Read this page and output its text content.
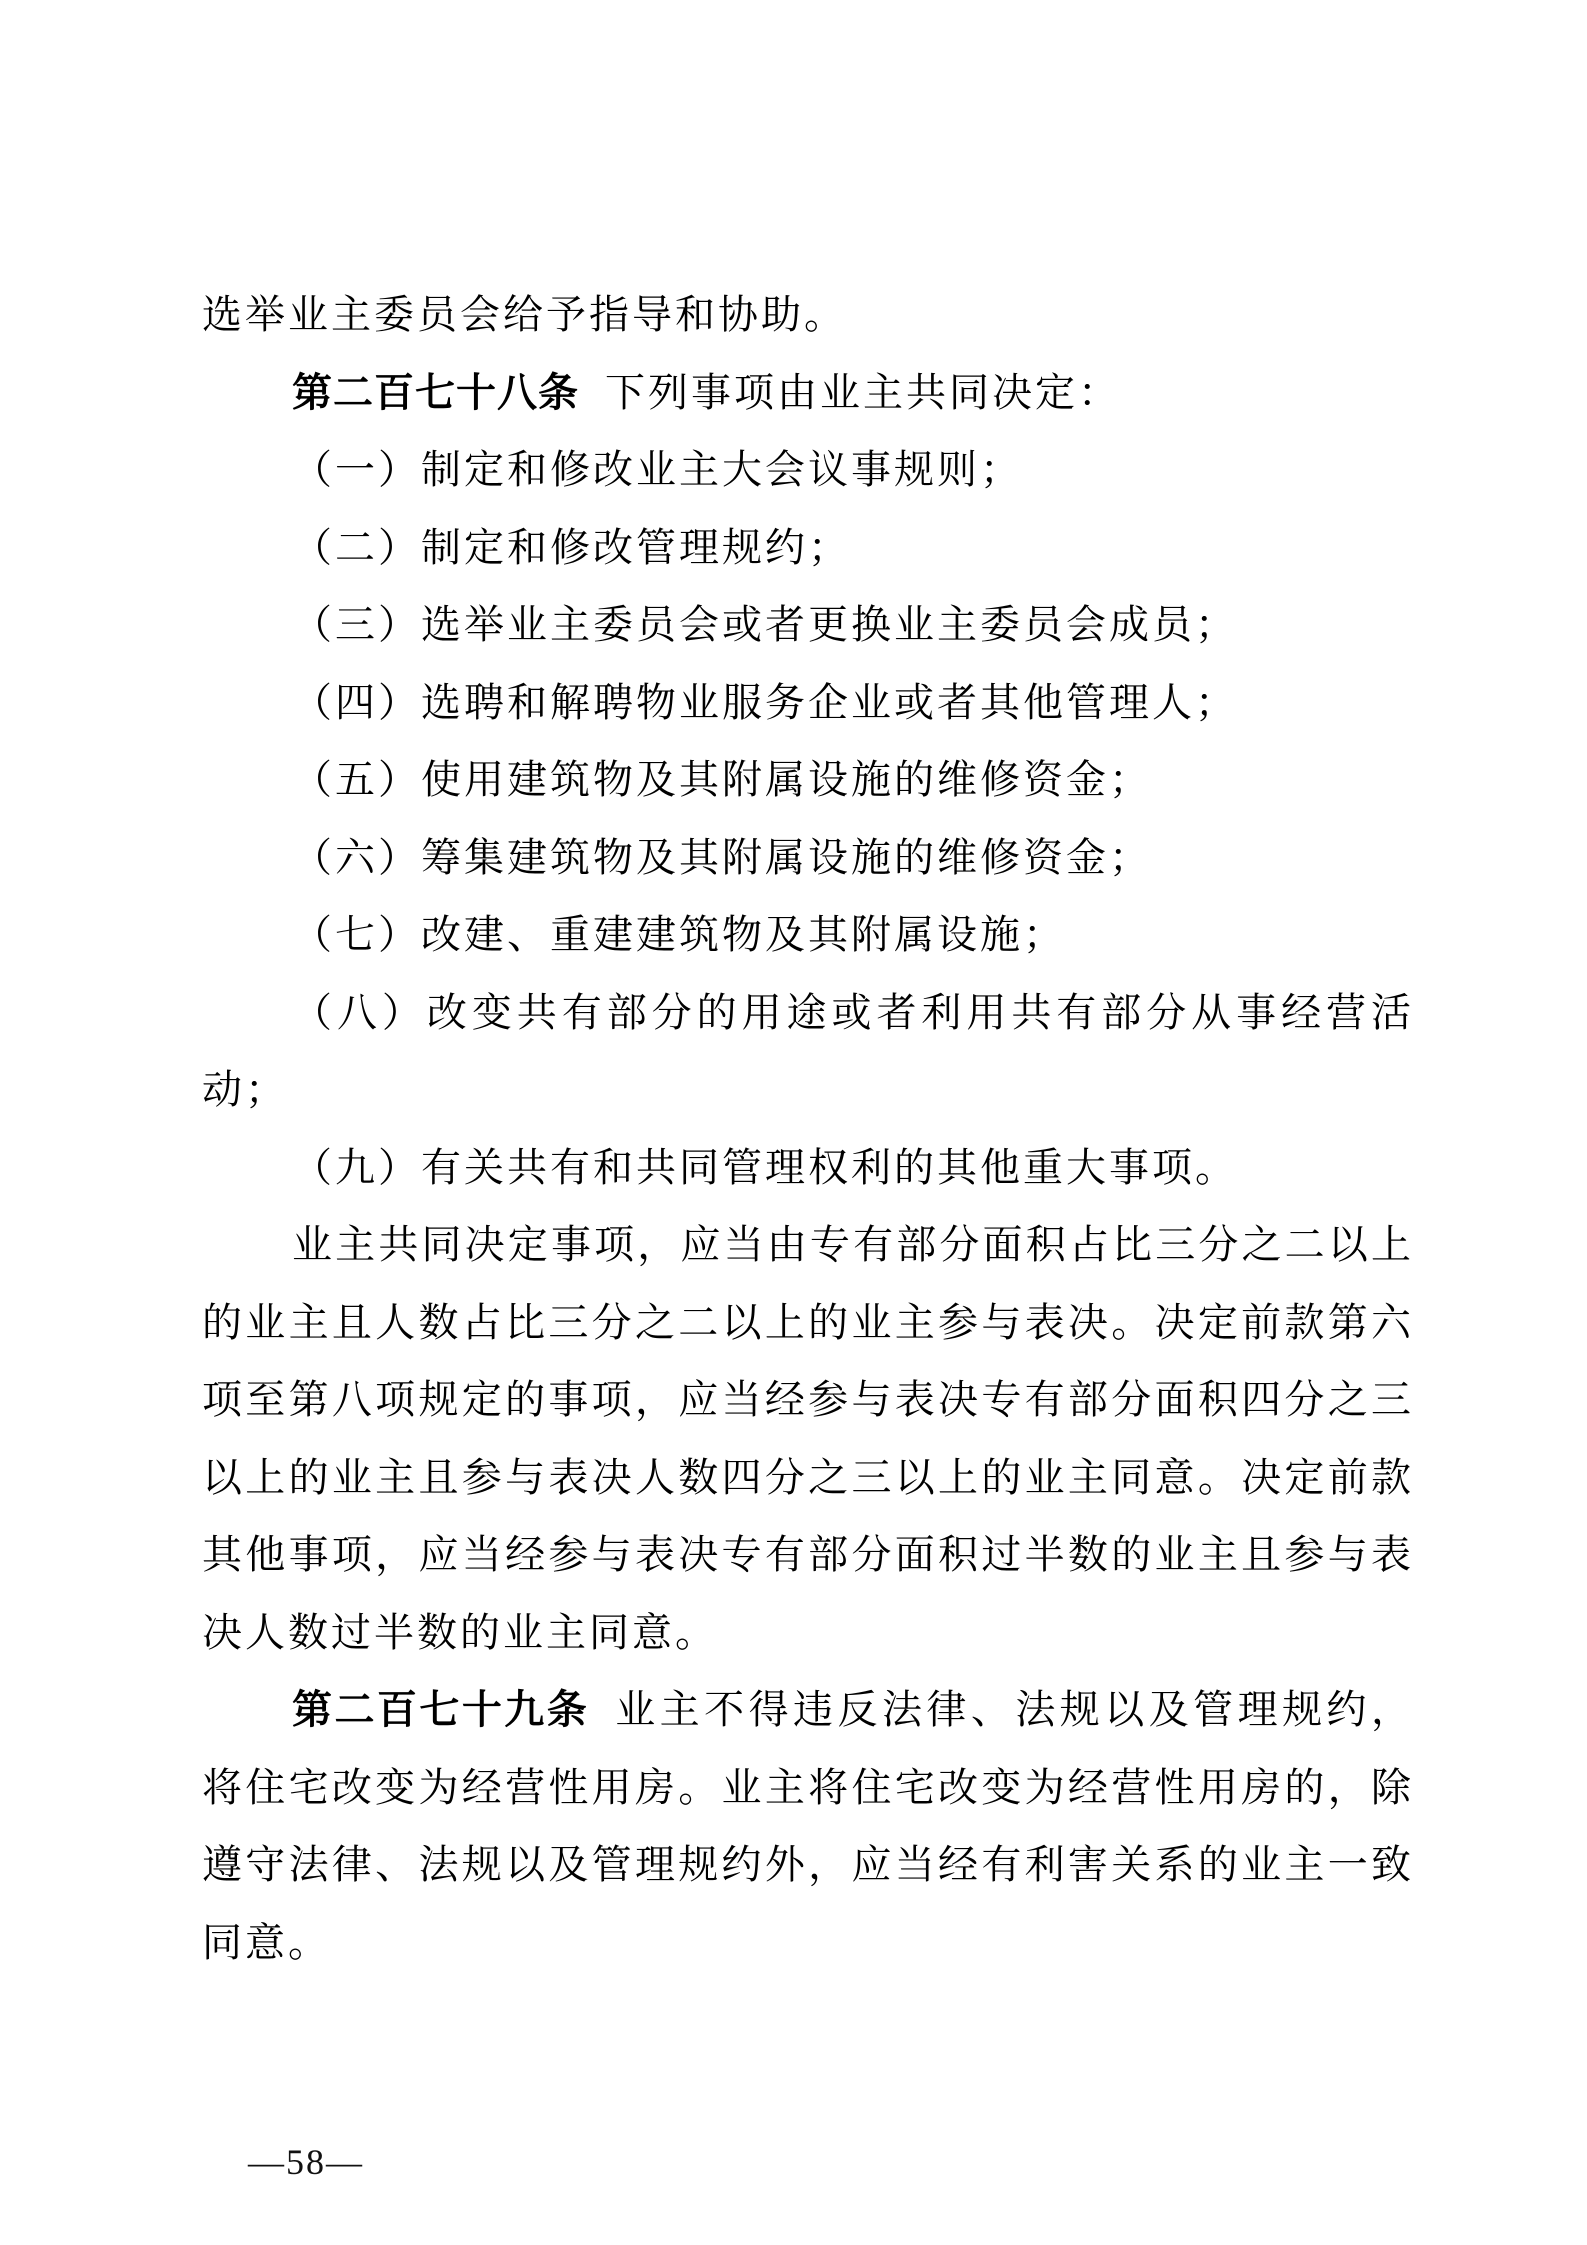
选举业主委员会给予指导和协助。
第二百七十八条 下列事项由业主共同决定：
（一）制定和修改业主大会议事规则；
（二）制定和修改管理规约；
（三）选举业主委员会或者更换业主委员会成员；
（四）选聘和解聘物业服务企业或者其他管理人；
（五）使用建筑物及其附属设施的维修资金；
（六）筹集建筑物及其附属设施的维修资金；
（七）改建、重建建筑物及其附属设施；
（八）改变共有部分的用途或者利用共有部分从事经营活
动；
（九）有关共有和共同管理权利的其他重大事项。
业主共同决定事项，应当由专有部分面积占比三分之二以上
的业主且人数占比三分之二以上的业主参与表决。决定前款第六
项至第八项规定的事项，应当经参与表决专有部分面积四分之三
以上的业主且参与表决人数四分之三以上的业主同意。决定前款
其他事项，应当经参与表决专有部分面积过半数的业主且参与表
决人数过半数的业主同意。
第二百七十九条 业主不得违反法律、法规以及管理规约，
将住宅改变为经营性用房。业主将住宅改变为经营性用房的，除
遵守法律、法规以及管理规约外，应当经有利害关系的业主一致
同意。
—58—
